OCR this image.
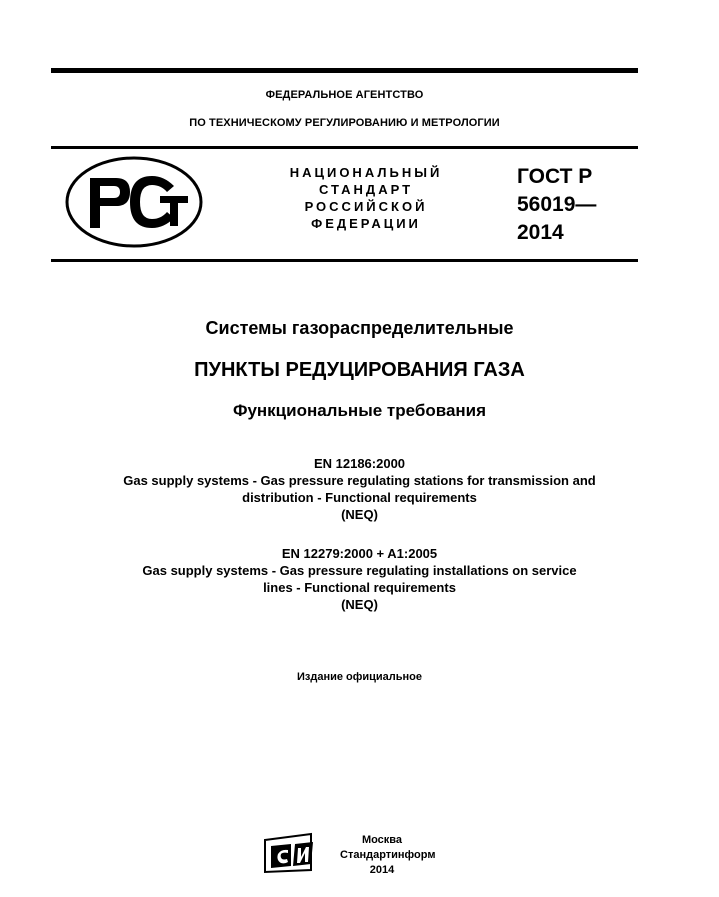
ФЕДЕРАЛЬНОЕ АГЕНТСТВО
ПО ТЕХНИЧЕСКОМУ РЕГУЛИРОВАНИЮ И МЕТРОЛОГИИ
НАЦИОНАЛЬНЫЙ
СТАНДАРТ
РОССИЙСКОЙ
ФЕДЕРАЦИИ
ГОСТ Р
56019—
2014
Системы газораспределительные
ПУНКТЫ РЕДУЦИРОВАНИЯ ГАЗА
Функциональные требования
EN 12186:2000
Gas supply systems - Gas pressure regulating stations for transmission and
distribution - Functional requirements
(NEQ)
EN 12279:2000 + A1:2005
Gas supply systems - Gas pressure regulating installations on service
lines - Functional requirements
(NEQ)
Издание официальное
Москва
Стандартинформ
2014
